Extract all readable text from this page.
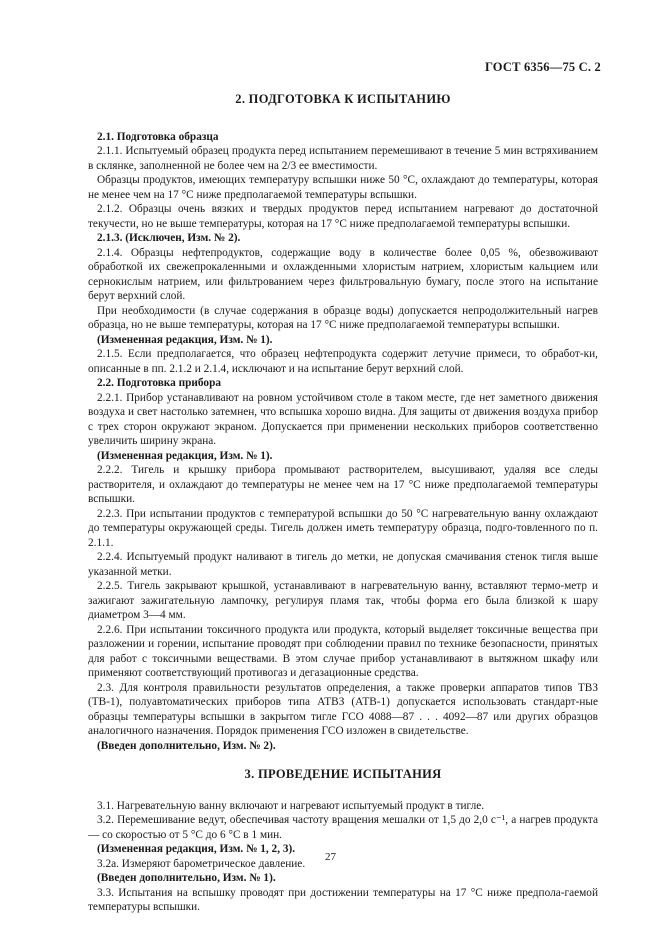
ГОСТ 6356—75 С. 2
2. ПОДГОТОВКА К ИСПЫТАНИЮ

2.1. Подготовка образца

2.1.1. Испытуемый образец продукта перед испытанием перемешивают в течение 5 мин встряхиванием в склянке, заполненной не более чем на 2/3 ее вместимости.

Образцы продуктов, имеющих температуру вспышки ниже 50 °С, охлаждают до температуры, которая не менее чем на 17 °С ниже предполагаемой температуры вспышки.

2.1.2. Образцы очень вязких и твердых продуктов перед испытанием нагревают до достаточной текучести, но не выше температуры, которая на 17 °С ниже предполагаемой температуры вспышки.

2.1.3. (Исключен, Изм. № 2).

2.1.4. Образцы нефтепродуктов, содержащие воду в количестве более 0,05 %, обезвоживают обработкой их свежепрокаленными и охлажденными хлористым натрием, хлористым кальцием или сернокислым натрием, или фильтрованием через фильтровальную бумагу, после этого на испытание берут верхний слой.

При необходимости (в случае содержания в образце воды) допускается непродолжительный нагрев образца, но не выше температуры, которая на 17 °С ниже предполагаемой температуры вспышки.

(Измененная редакция, Изм. № 1).

2.1.5. Если предполагается, что образец нефтепродукта содержит летучие примеси, то обработ-ки, описанные в пп. 2.1.2 и 2.1.4, исключают и на испытание берут верхний слой.

2.2. Подготовка прибора

2.2.1. Прибор устанавливают на ровном устойчивом столе в таком месте, где нет заметного движения воздуха и свет настолько затемнен, что вспышка хорошо видна. Для защиты от движения воздуха прибор с трех сторон окружают экраном. Допускается при применении нескольких приборов соответственно увеличить ширину экрана.

(Измененная редакция, Изм. № 1).

2.2.2. Тигель и крышку прибора промывают растворителем, высушивают, удаляя все следы растворителя, и охлаждают до температуры не менее чем на 17 °С ниже предполагаемой температуры вспышки.

2.2.3. При испытании продуктов с температурой вспышки до 50 °С нагревательную ванну охлаждают до температуры окружающей среды. Тигель должен иметь температуру образца, подго-товленного по п. 2.1.1.

2.2.4. Испытуемый продукт наливают в тигель до метки, не допуская смачивания стенок тигля выше указанной метки.

2.2.5. Тигель закрывают крышкой, устанавливают в нагревательную ванну, вставляют термо-метр и зажигают зажигательную лампочку, регулируя пламя так, чтобы форма его была близкой к шару диаметром 3—4 мм.

2.2.6. При испытании токсичного продукта или продукта, который выделяет токсичные вещества при разложении и горении, испытание проводят при соблюдении правил по технике безопасности, принятых для работ с токсичными веществами. В этом случае прибор устанавливают в вытяжном шкафу или применяют соответствующий противогаз и дегазационные средства.

2.3. Для контроля правильности результатов определения, а также проверки аппаратов типов ТВЗ (ТВ-1), полуавтоматических приборов типа АТВЗ (АТВ-1) допускается использовать стандарт-ные образцы температуры вспышки в закрытом тигле ГСО 4088—87 . . . 4092—87 или других образцов аналогичного назначения. Порядок применения ГСО изложен в свидетельстве.

(Введен дополнительно, Изм. № 2).

3. ПРОВЕДЕНИЕ ИСПЫТАНИЯ

3.1. Нагревательную ванну включают и нагревают испытуемый продукт в тигле.

3.2. Перемешивание ведут, обеспечивая частоту вращения мешалки от 1,5 до 2,0 с⁻¹, а нагрев продукта — со скоростью от 5 °С до 6 °С в 1 мин.

(Измененная редакция, Изм. № 1, 2, 3).

3.2а. Измеряют барометрическое давление.

(Введен дополнительно, Изм. № 1).

3.3. Испытания на вспышку проводят при достижении температуры на 17 °С ниже предпола-гаемой температуры вспышки.

27
